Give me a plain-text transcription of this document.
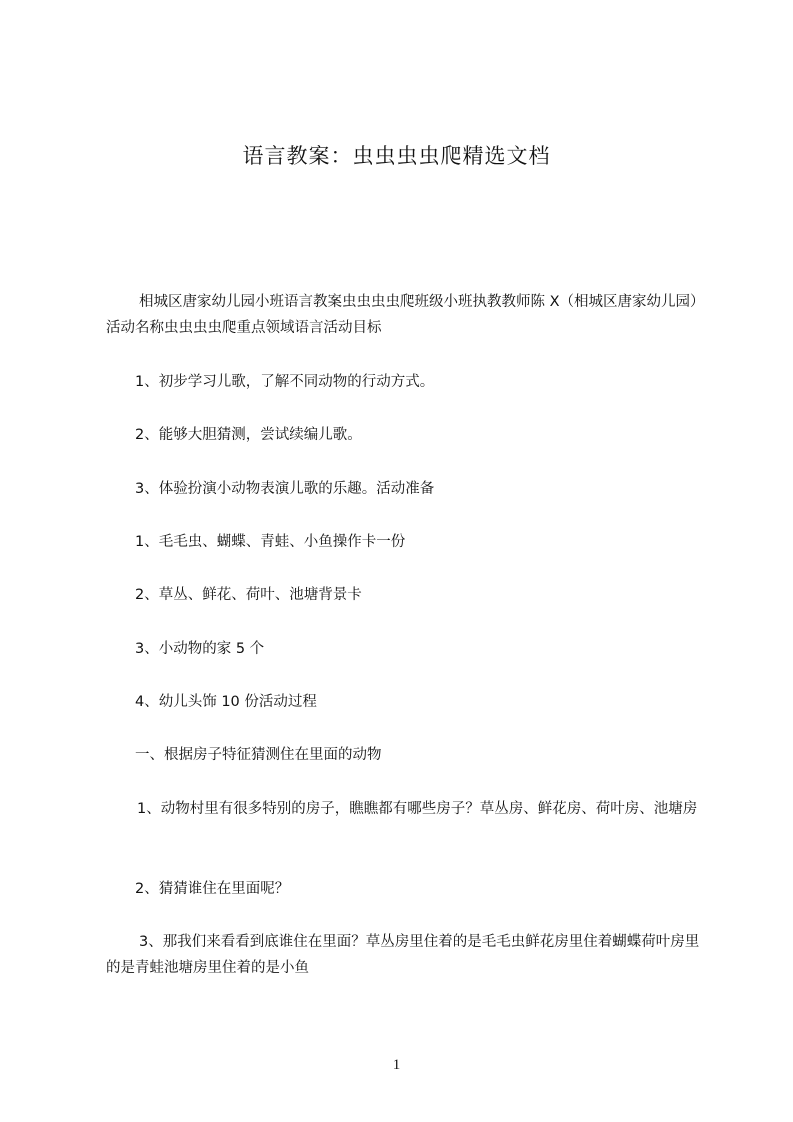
语言教案：虫虫虫虫爬精选文档

相城区唐家幼儿园小班语言教案虫虫虫虫爬班级小班执教教师陈 X（相城区唐家幼儿园）活动名称虫虫虫虫爬重点领域语言活动目标

1、初步学习儿歌，了解不同动物的行动方式。

2、能够大胆猜测，尝试续编儿歌。

3、体验扮演小动物表演儿歌的乐趣。活动准备

1、毛毛虫、蝴蝶、青蛙、小鱼操作卡一份

2、草丛、鲜花、荷叶、池塘背景卡

3、小动物的家 5 个

4、幼儿头饰 10 份活动过程

一、根据房子特征猜测住在里面的动物

1、动物村里有很多特别的房子，瞧瞧都有哪些房子？草丛房、鲜花房、荷叶房、池塘房

2、猜猜谁住在里面呢？

3、那我们来看看到底谁住在里面？草丛房里住着的是毛毛虫鲜花房里住着蝴蝶荷叶房里的是青蛙池塘房里住着的是小鱼

1
